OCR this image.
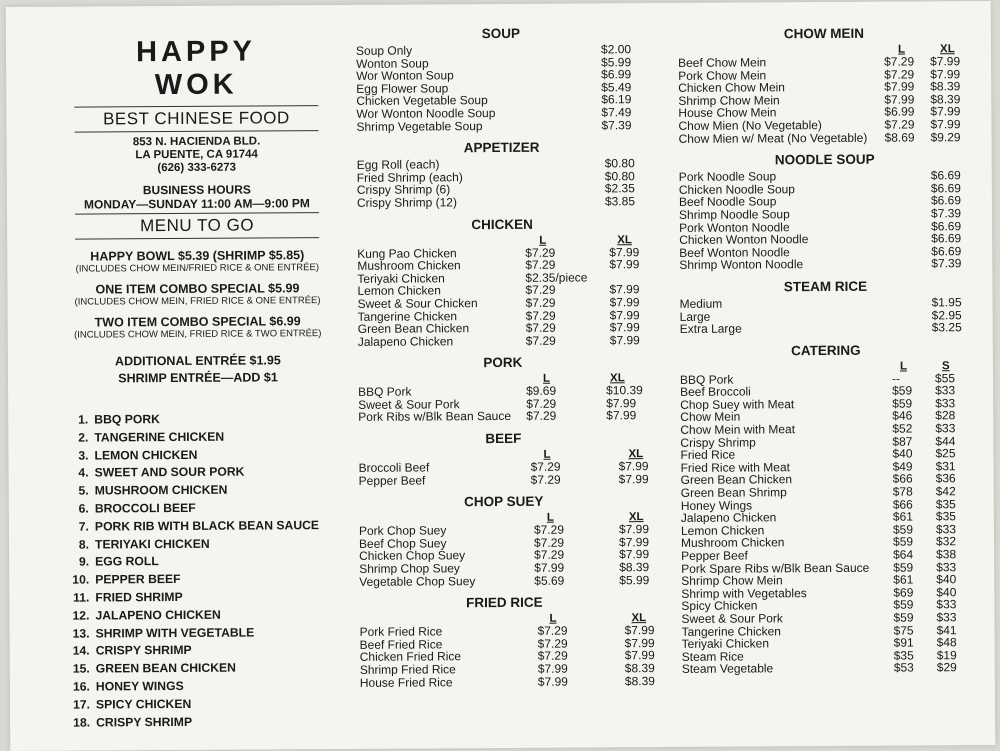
HAPPY
WOK
BEST CHINESE FOOD
853 N. HACIENDA BLD.
LA PUENTE, CA 91744
(626) 333-6273
BUSINESS HOURS
MONDAY—SUNDAY 11:00 AM—9:00 PM
MENU TO GO
HAPPY BOWL $5.39 (SHRIMP $5.85)
(INCLUDES CHOW MEIN/FRIED RICE & ONE ENTRÉE)
ONE ITEM COMBO SPECIAL $5.99
(INCLUDES CHOW MEIN, FRIED RICE & ONE ENTRÉE)
TWO ITEM COMBO SPECIAL $6.99
(INCLUDES CHOW MEIN, FRIED RICE & TWO ENTRÉE)
ADDITIONAL ENTRÉE $1.95
SHRIMP ENTRÉE—ADD $1
1. BBQ PORK
2. TANGERINE CHICKEN
3. LEMON CHICKEN
4. SWEET AND SOUR PORK
5. MUSHROOM CHICKEN
6. BROCCOLI BEEF
7. PORK RIB WITH BLACK BEAN SAUCE
8. TERIYAKI CHICKEN
9. EGG ROLL
10. PEPPER BEEF
11. FRIED SHRIMP
12. JALAPENO CHICKEN
13. SHRIMP WITH VEGETABLE
14. CRISPY SHRIMP
15. GREEN BEAN CHICKEN
16. HONEY WINGS
17. SPICY CHICKEN
18. CRISPY SHRIMP
SOUP
Soup Only	$2.00
Wonton Soup	$5.99
Wor Wonton Soup	$6.99
Egg Flower Soup	$5.49
Chicken Vegetable Soup	$6.19
Wor Wonton Noodle Soup	$7.49
Shrimp Vegetable Soup	$7.39
APPETIZER
Egg Roll (each)	$0.80
Fried Shrimp (each)	$0.80
Crispy Shrimp (6)	$2.35
Crispy Shrimp (12)	$3.85
CHICKEN
L	XL
Kung Pao Chicken	$7.29	$7.99
Mushroom Chicken	$7.29	$7.99
Teriyaki Chicken	$2.35/piece
Lemon Chicken	$7.29	$7.99
Sweet & Sour Chicken	$7.29	$7.99
Tangerine Chicken	$7.29	$7.99
Green Bean Chicken	$7.29	$7.99
Jalapeno Chicken	$7.29	$7.99
PORK
L	XL
BBQ Pork	$9.69	$10.39
Sweet & Sour Pork	$7.29	$7.99
Pork Ribs w/Blk Bean Sauce $7.29	$7.99
BEEF
L	XL
Broccoli Beef	$7.29	$7.99
Pepper Beef	$7.29	$7.99
CHOP SUEY
L	XL
Pork Chop Suey	$7.29	$7.99
Beef Chop Suey	$7.29	$7.99
Chicken Chop Suey	$7.29	$7.99
Shrimp Chop Suey	$7.99	$8.39
Vegetable Chop Suey	$5.69	$5.99
FRIED RICE
L	XL
Pork Fried Rice	$7.29	$7.99
Beef Fried Rice	$7.29	$7.99
Chicken Fried Rice	$7.29	$7.99
Shrimp Fried Rice	$7.99	$8.39
House Fried Rice	$7.99	$8.39
CHOW MEIN
L	XL
Beef Chow Mein	$7.29 $7.99
Pork Chow Mein	$7.29 $7.99
Chicken Chow Mein	$7.99 $8.39
Shrimp Chow Mein	$7.99 $8.39
House Chow Mein	$6.99 $7.99
Chow Mien (No Vegetable)	$7.29 $7.99
Chow Mien w/ Meat (No Vegetable) $8.69 $9.29
NOODLE SOUP
Pork Noodle Soup	$6.69
Chicken Noodle Soup	$6.69
Beef Noodle Soup	$6.69
Shrimp Noodle Soup	$7.39
Pork Wonton Noodle	$6.69
Chicken Wonton Noodle	$6.69
Beef Wonton Noodle	$6.69
Shrimp Wonton Noodle	$7.39
STEAM RICE
Medium	$1.95
Large	$2.95
Extra Large	$3.25
CATERING
L	S
BBQ Pork	--	$55
Beef Broccoli	$59 $33
Chop Suey with Meat	$59 $33
Chow Mein	$46 $28
Chow Mein with Meat	$52 $33
Crispy Shrimp	$87 $44
Fried Rice	$40 $25
Fried Rice with Meat	$49 $31
Green Bean Chicken	$66 $36
Green Bean Shrimp	$78 $42
Honey Wings	$66 $35
Jalapeno Chicken	$61 $35
Lemon Chicken	$59 $33
Mushroom Chicken	$59 $32
Pepper Beef	$64 $38
Pork Spare Ribs w/Blk Bean Sauce $59 $33
Shrimp Chow Mein	$61 $40
Shrimp with Vegetables	$69 $40
Spicy Chicken	$59 $33
Sweet & Sour Pork	$59 $33
Tangerine Chicken	$75 $41
Teriyaki Chicken	$91 $48
Steam Rice	$35 $19
Steam Vegetable	$53 $29
